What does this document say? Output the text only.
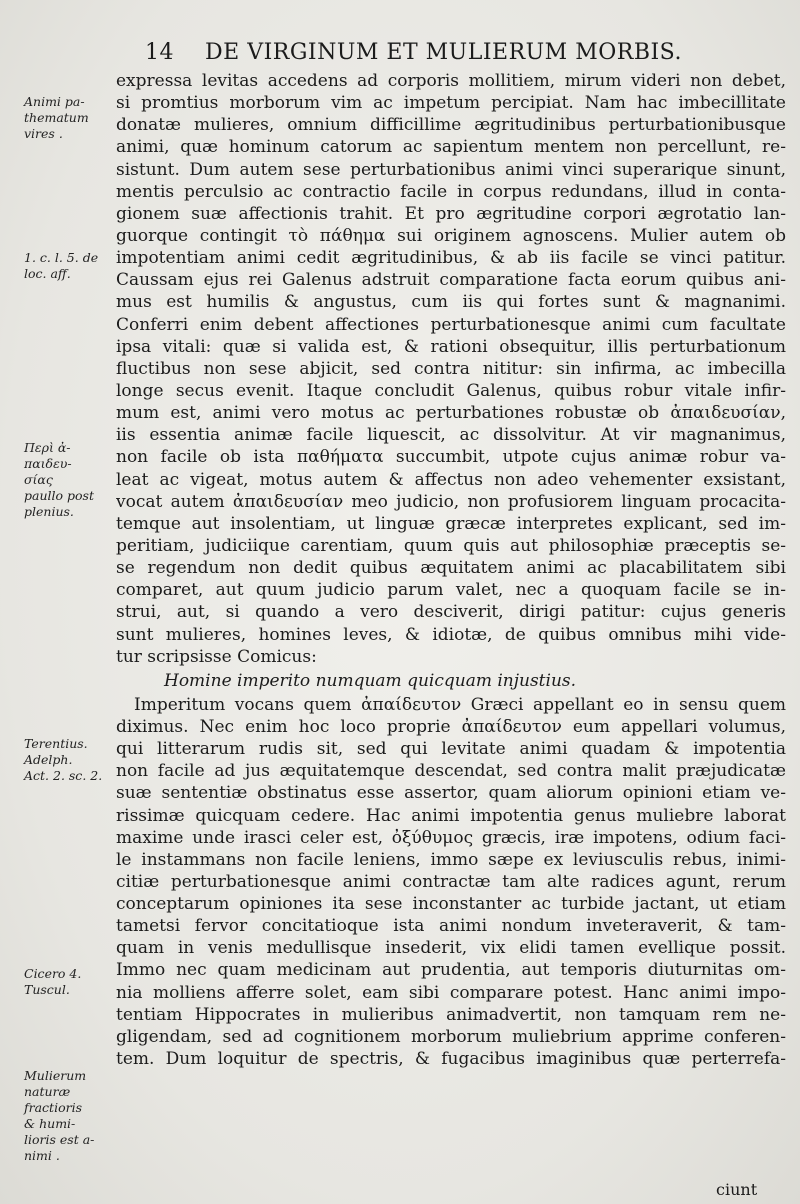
14 DE VIRGINUM ET MULIERUM MORBIS.
Animi pa-
thematum
vires .
1. c. l. 5. de
loc. aff.
Περὶ ἀ-
παιδευ-
σίας
paullo post
plenius.
Terentius.
Adelph.
Act. 2. sc. 2.
Cicero 4.
Tuscul.
Mulierum
naturæ
fractioris
& humi-
lioris est a-
nimi .
expressa levitas accedens ad corporis mollitiem, mirum videri non debet,
si promtius morborum vim ac impetum percipiat. Nam hac imbecillitate
donatæ mulieres, omnium difficillime ægritudinibus perturbationibusque
animi, quæ hominum catorum ac sapientum mentem non percellunt, re-
sistunt. Dum autem sese perturbationibus animi vinci superarique sinunt,
mentis perculsio ac contractio facile in corpus redundans, illud in conta-
gionem suæ affectionis trahit. Et pro ægritudine corpori ægrotatio lan-
guorque contingit τὸ πάθημα sui originem agnoscens. Mulier autem ob
impotentiam animi cedit ægritudinibus, & ab iis facile se vinci patitur.
Caussam ejus rei Galenus adstruit comparatione facta eorum quibus ani-
mus est humilis & angustus, cum iis qui fortes sunt & magnanimi.
Conferri enim debent affectiones perturbationesque animi cum facultate
ipsa vitali: quæ si valida est, & rationi obsequitur, illis perturbationum
fluctibus non sese abjicit, sed contra nititur: sin infirma, ac imbecilla
longe secus evenit. Itaque concludit Galenus, quibus robur vitale infir-
mum est, animi vero motus ac perturbationes robustæ ob ἀπαιδευσίαν,
iis essentia animæ facile liquescit, ac dissolvitur. At vir magnanimus,
non facile ob ista παθήματα succumbit, utpote cujus animæ robur va-
leat ac vigeat, motus autem & affectus non adeo vehementer exsistant,
vocat autem ἀπαιδευσίαν meo judicio, non profusiorem linguam procacita-
temque aut insolentiam, ut linguæ græcæ interpretes explicant, sed im-
peritiam, judiciique carentiam, quum quis aut philosophiæ præceptis se-
se regendum non dedit quibus æquitatem animi ac placabilitatem sibi
comparet, aut quum judicio parum valet, nec a quoquam facile se in-
strui, aut, si quando a vero desciverit, dirigi patitur: cujus generis
sunt mulieres, homines leves, & idiotæ, de quibus omnibus mihi vide-
tur scripsisse Comicus:
Homine imperito numquam quicquam injustius.
Imperitum vocans quem ἀπαίδευτον Græci appellant eo in sensu quem
diximus. Nec enim hoc loco proprie ἀπαίδευτον eum appellari volumus,
qui litterarum rudis sit, sed qui levitate animi quadam & impotentia
non facile ad jus æquitatemque descendat, sed contra malit præjudicatæ
suæ sententiæ obstinatus esse assertor, quam aliorum opinioni etiam ve-
rissimæ quicquam cedere. Hac animi impotentia genus muliebre laborat
maxime unde irasci celer est, ὀξύθυμος græcis, iræ impotens, odium faci-
le instammans non facile leniens, immo sæpe ex leviusculis rebus, inimi-
citiæ perturbationesque animi contractæ tam alte radices agunt, rerum
conceptarum opiniones ita sese inconstanter ac turbide jactant, ut etiam
tametsi fervor concitatioque ista animi nondum inveteraverit, & tam-
quam in venis medullisque insederit, vix elidi tamen evellique possit.
Immo nec quam medicinam aut prudentia, aut temporis diuturnitas om-
nia molliens afferre solet, eam sibi comparare potest. Hanc animi impo-
tentiam Hippocrates in mulieribus animadvertit, non tamquam rem ne-
gligendam, sed ad cognitionem morborum muliebrium apprime conferen-
tem. Dum loquitur de spectris, & fugacibus imaginibus quæ perterrefa-
ciunt
